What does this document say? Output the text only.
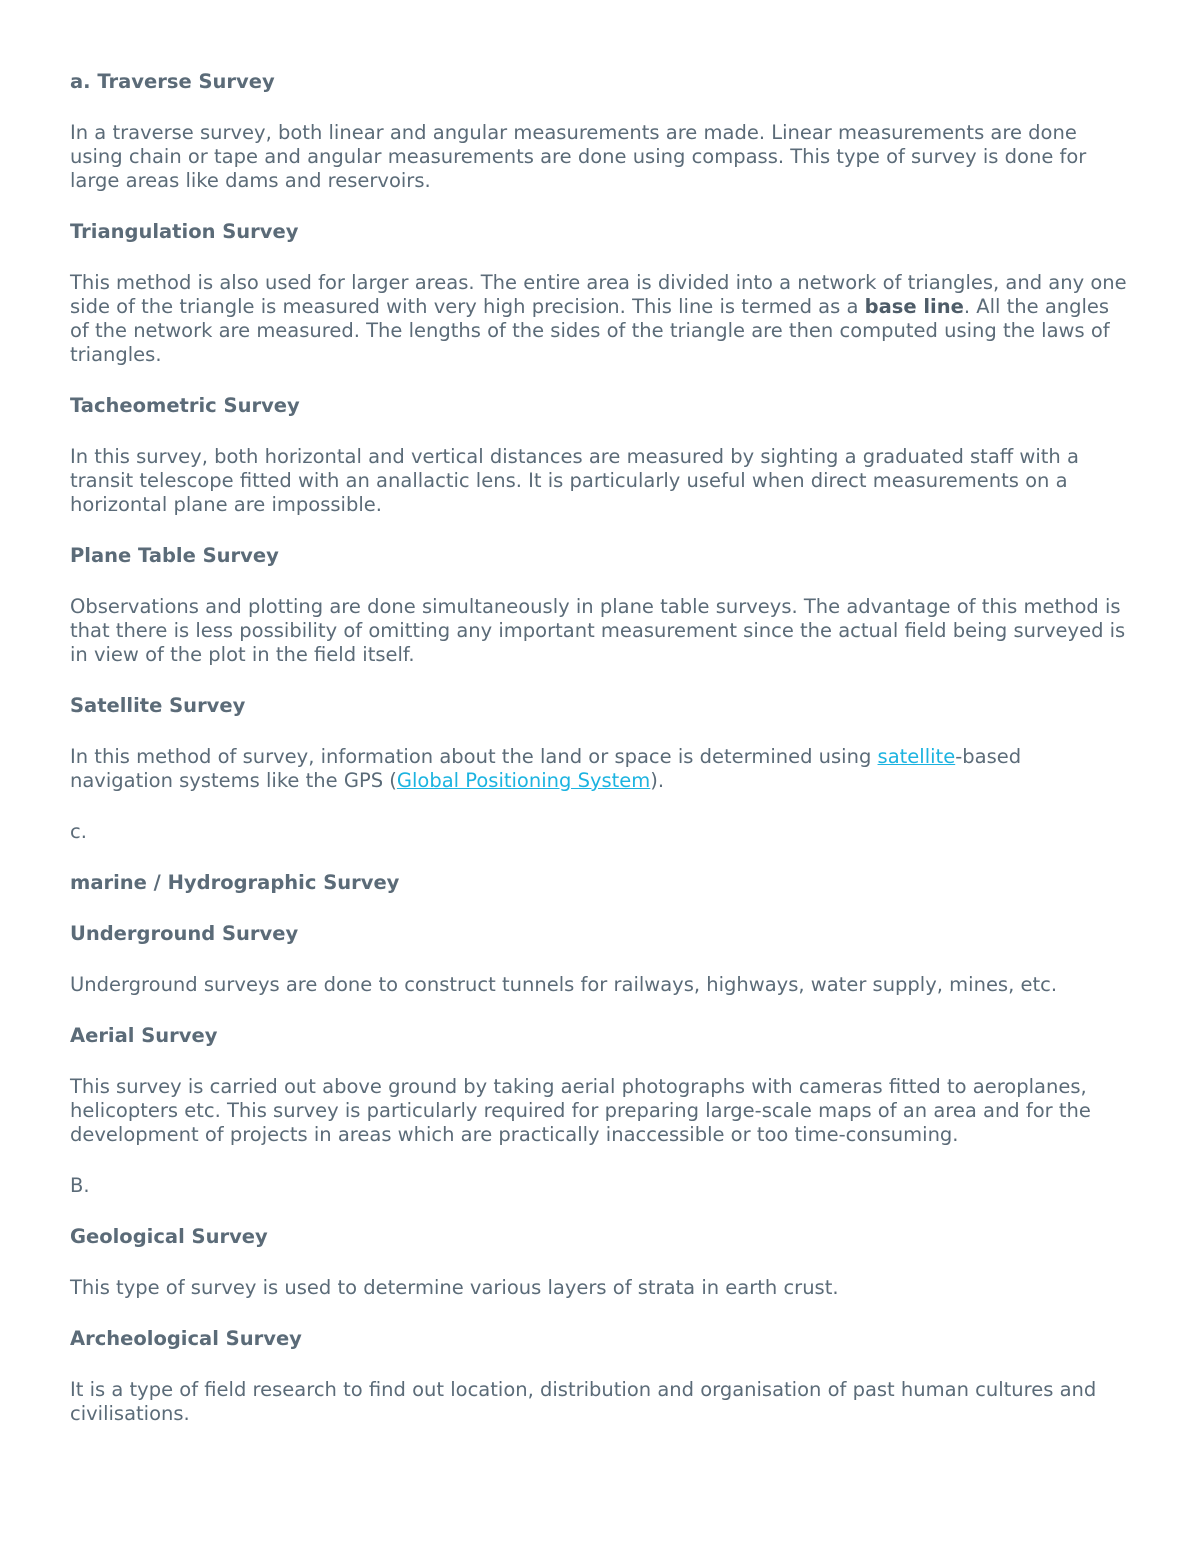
a. Traverse Survey

In a traverse survey, both linear and angular measurements are made. Linear measurements are done using chain or tape and angular measurements are done using compass. This type of survey is done for large areas like dams and reservoirs.

Triangulation Survey

This method is also used for larger areas. The entire area is divided into a network of triangles, and any one side of the triangle is measured with very high precision. This line is termed as a base line. All the angles of the network are measured. The lengths of the sides of the triangle are then computed using the laws of triangles.

Tacheometric Survey

In this survey, both horizontal and vertical distances are measured by sighting a graduated staff with a transit telescope fitted with an anallactic lens. It is particularly useful when direct measurements on a horizontal plane are impossible.

Plane Table Survey

Observations and plotting are done simultaneously in plane table surveys. The advantage of this method is that there is less possibility of omitting any important measurement since the actual field being surveyed is in view of the plot in the field itself.

Satellite Survey

In this method of survey, information about the land or space is determined using satellite-based navigation systems like the GPS (Global Positioning System).

c.

marine / Hydrographic Survey

Underground Survey

Underground surveys are done to construct tunnels for railways, highways, water supply, mines, etc.

Aerial Survey

This survey is carried out above ground by taking aerial photographs with cameras fitted to aeroplanes, helicopters etc. This survey is particularly required for preparing large-scale maps of an area and for the development of projects in areas which are practically inaccessible or too time-consuming.

B.

Geological Survey

This type of survey is used to determine various layers of strata in earth crust.

Archeological Survey

It is a type of field research to find out location, distribution and organisation of past human cultures and civilisations.
